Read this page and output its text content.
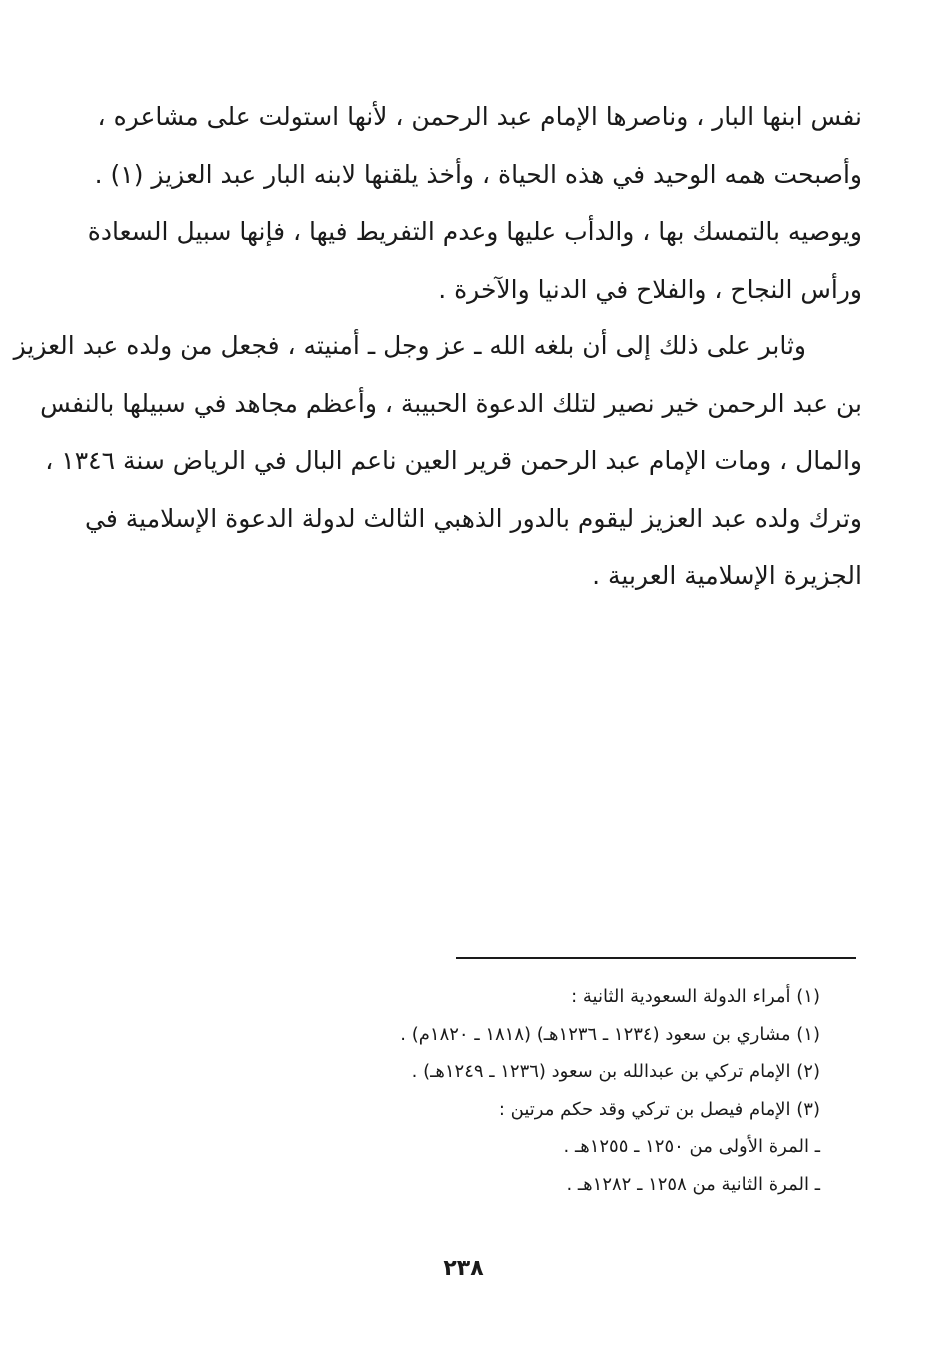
نفس ابنها البار ، وناصرها الإمام عبد الرحمن ، لأنها استولت على مشاعره ،
وأصبحت همه الوحيد في هذه الحياة ، وأخذ يلقنها لابنه البار عبد العزيز (١) .
ويوصيه بالتمسك بها ، والدأب عليها وعدم التفريط فيها ، فإنها سبيل السعادة
ورأس النجاح ، والفلاح في الدنيا والآخرة .
وثابر على ذلك إلى أن بلغه الله ـ عز وجل ـ أمنيته ، فجعل من ولده عبد العزيز
بن عبد الرحمن خير نصير لتلك الدعوة الحبيبة ، وأعظم مجاهد في سبيلها بالنفس
والمال ، ومات الإمام عبد الرحمن قرير العين ناعم البال في الرياض سنة ١٣٤٦ ،
وترك ولده عبد العزيز ليقوم بالدور الذهبي الثالث لدولة الدعوة الإسلامية في
الجزيرة الإسلامية العربية .
(١) أمراء الدولة السعودية الثانية :
(١) مشاري بن سعود (١٢٣٤ ـ ١٢٣٦هـ) (١٨١٨ ـ ١٨٢٠م) .
(٢) الإمام تركي بن عبدالله بن سعود (١٢٣٦ ـ ١٢٤٩هـ) .
(٣) الإمام فيصل بن تركي وقد حكم مرتين :
ـ المرة الأولى من ١٢٥٠ ـ ١٢٥٥هـ .
ـ المرة الثانية من ١٢٥٨ ـ ١٢٨٢هـ .
٢٣٨
